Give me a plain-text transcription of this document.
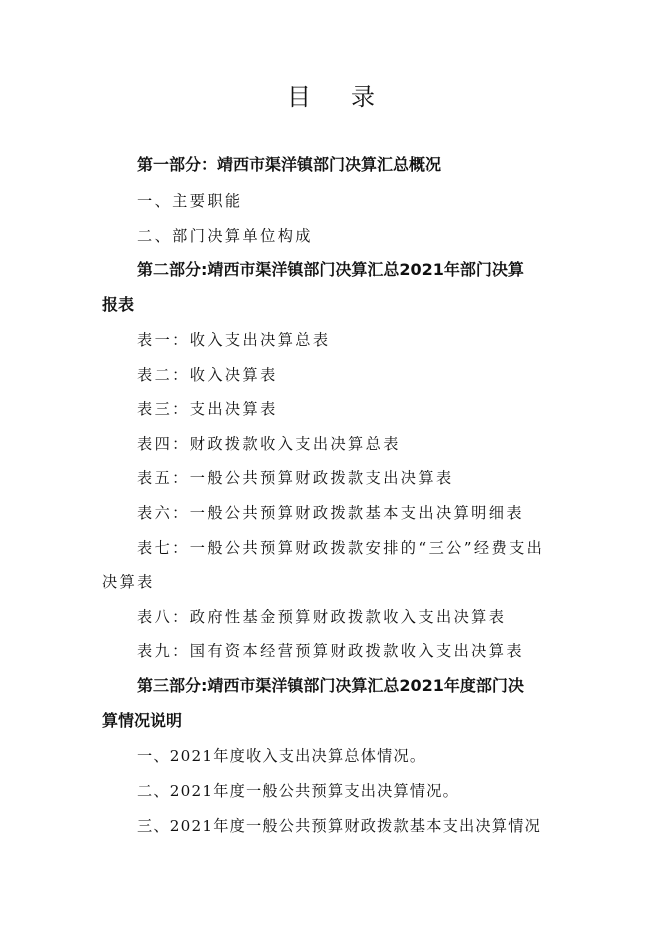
目录
第一部分：靖西市渠洋镇部门决算汇总概况
一、主要职能
二、部门决算单位构成
第二部分:靖西市渠洋镇部门决算汇总2021年部门决算
报表
表一：收入支出决算总表
表二：收入决算表
表三：支出决算表
表四：财政拨款收入支出决算总表
表五：一般公共预算财政拨款支出决算表
表六：一般公共预算财政拨款基本支出决算明细表
表七：一般公共预算财政拨款安排的“三公”经费支出
决算表
表八：政府性基金预算财政拨款收入支出决算表
表九：国有资本经营预算财政拨款收入支出决算表
第三部分:靖西市渠洋镇部门决算汇总2021年度部门决
算情况说明
一、2021年度收入支出决算总体情况。
二、2021年度一般公共预算支出决算情况。
三、2021年度一般公共预算财政拨款基本支出决算情况
